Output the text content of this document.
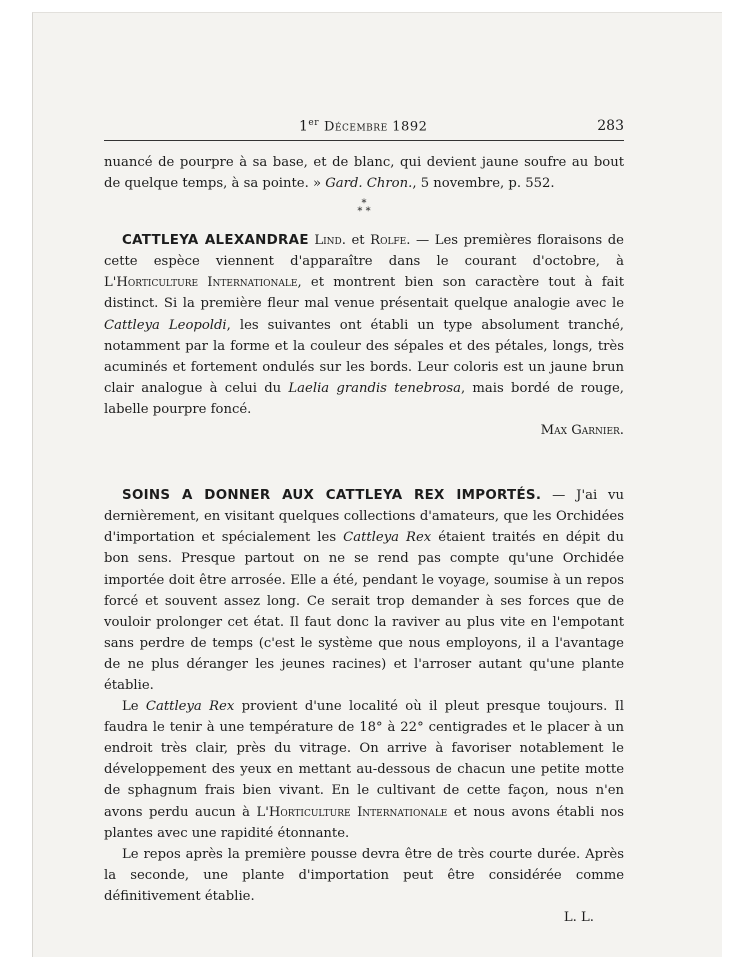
1er Décembre 1892	283

nuancé de pourpre à sa base, et de blanc, qui devient jaune soufre au bout de quelque temps, à sa pointe. » Gard. Chron., 5 novembre, p. 552.

*
* *

CATTLEYA ALEXANDRAE Lind. et Rolfe. — Les premières floraisons de cette espèce viennent d'apparaître dans le courant d'octobre, à L'Horticulture Internationale, et montrent bien son caractère tout à fait distinct. Si la première fleur mal venue présentait quelque analogie avec le Cattleya Leopoldi, les suivantes ont établi un type absolument tranché, notamment par la forme et la couleur des sépales et des pétales, longs, très acuminés et fortement ondulés sur les bords. Leur coloris est un jaune brun clair analogue à celui du Laelia grandis tenebrosa, mais bordé de rouge, labelle pourpre foncé.

Max Garnier.

SOINS A DONNER AUX CATTLEYA REX IMPORTÉS. — J'ai vu dernièrement, en visitant quelques collections d'amateurs, que les Orchidées d'importation et spécialement les Cattleya Rex étaient traités en dépit du bon sens. Presque partout on ne se rend pas compte qu'une Orchidée importée doit être arrosée. Elle a été, pendant le voyage, soumise à un repos forcé et souvent assez long. Ce serait trop demander à ses forces que de vouloir prolonger cet état. Il faut donc la raviver au plus vite en l'empotant sans perdre de temps (c'est le système que nous employons, il a l'avantage de ne plus déranger les jeunes racines) et l'arroser autant qu'une plante établie.

Le Cattleya Rex provient d'une localité où il pleut presque toujours. Il faudra le tenir à une température de 18° à 22° centigrades et le placer à un endroit très clair, près du vitrage. On arrive à favoriser notablement le développement des yeux en mettant au-dessous de chacun une petite motte de sphagnum frais bien vivant. En le cultivant de cette façon, nous n'en avons perdu aucun à L'Horticulture Internationale et nous avons établi nos plantes avec une rapidité étonnante.

Le repos après la première pousse devra être de très courte durée. Après la seconde, une plante d'importation peut être considérée comme définitivement établie.

L. L.
